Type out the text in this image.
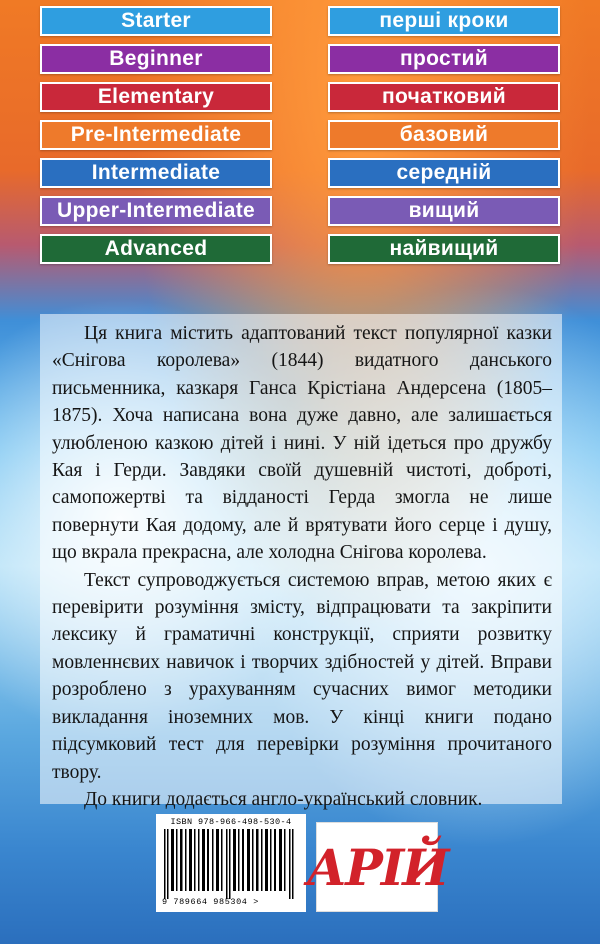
Starter	перші кроки
Beginner	простий
Elementary	початковий
Pre-Intermediate	базовий
Intermediate	середній
Upper-Intermediate	вищий
Advanced	найвищий

Ця книга містить адаптований текст популярної казки «Снігова королева» (1844) видатного данського письменника, казкаря Ганса Крістіана Андерсена (1805–1875). Хоча написана вона дуже давно, але залишається улюбленою казкою дітей і нині. У ній ідеться про дружбу Кая і Герди. Завдяки своїй душевній чистоті, доброті, самопожертві та відданості Герда змогла не лише повернути Кая додому, але й врятувати його серце і душу, що вкрала прекрасна, але холодна Снігова королева.

Текст супроводжується системою вправ, метою яких є перевірити розуміння змісту, відпрацювати та закріпити лексику й граматичні конструкції, сприяти розвитку мовленнєвих навичок і творчих здібностей у дітей. Вправи розроблено з урахуванням сучасних вимог методики викладання іноземних мов. У кінці книги подано підсумковий тест для перевірки розуміння прочитаного твору.

До книги додається англо-український словник.

ISBN 978-966-498-530-4
9 789664 985304 >
АРІЙ
